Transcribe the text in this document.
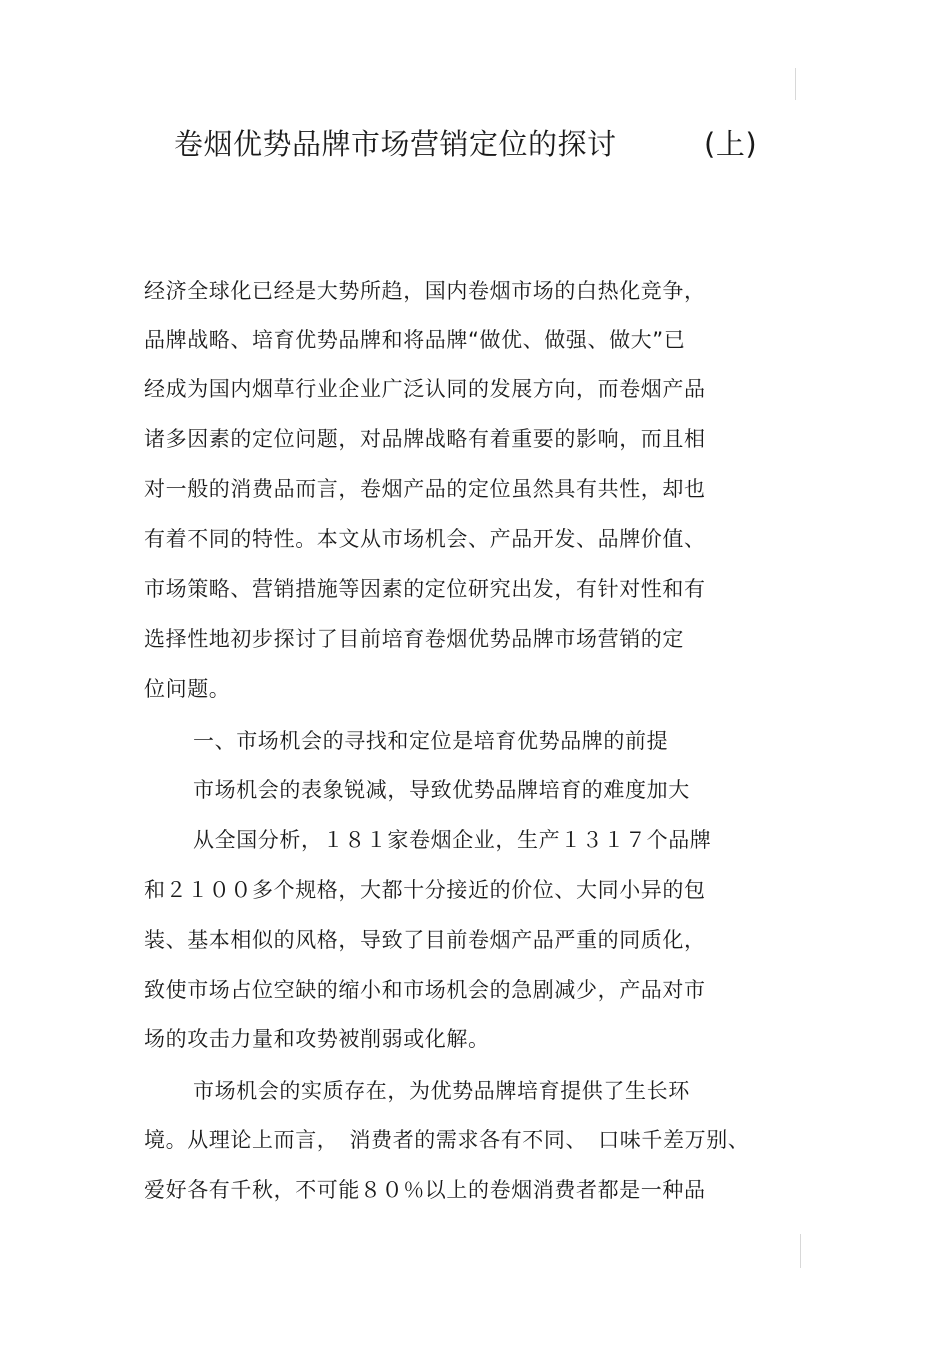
卷烟优势品牌市场营销定位的探讨	(上)
经济全球化已经是大势所趋，国内卷烟市场的白热化竞争，
品牌战略、培育优势品牌和将品牌“做优、做强、做大”已
经成为国内烟草行业企业广泛认同的发展方向，而卷烟产品
诸多因素的定位问题，对品牌战略有着重要的影响，而且相
对一般的消费品而言，卷烟产品的定位虽然具有共性，却也
有着不同的特性。本文从市场机会、产品开发、品牌价值、
市场策略、营销措施等因素的定位研究出发，有针对性和有
选择性地初步探讨了目前培育卷烟优势品牌市场营销的定
位问题。
一、市场机会的寻找和定位是培育优势品牌的前提
市场机会的表象锐减，导致优势品牌培育的难度加大
从全国分析，１８１家卷烟企业，生产１３１７个品牌
和２１００多个规格，大都十分接近的价位、大同小异的包
装、基本相似的风格，导致了目前卷烟产品严重的同质化，
致使市场占位空缺的缩小和市场机会的急剧减少，产品对市
场的攻击力量和攻势被削弱或化解。
市场机会的实质存在，为优势品牌培育提供了生长环
境。从理论上而言，　消费者的需求各有不同、　口味千差万别、
爱好各有千秋，不可能８０％以上的卷烟消费者都是一种品
